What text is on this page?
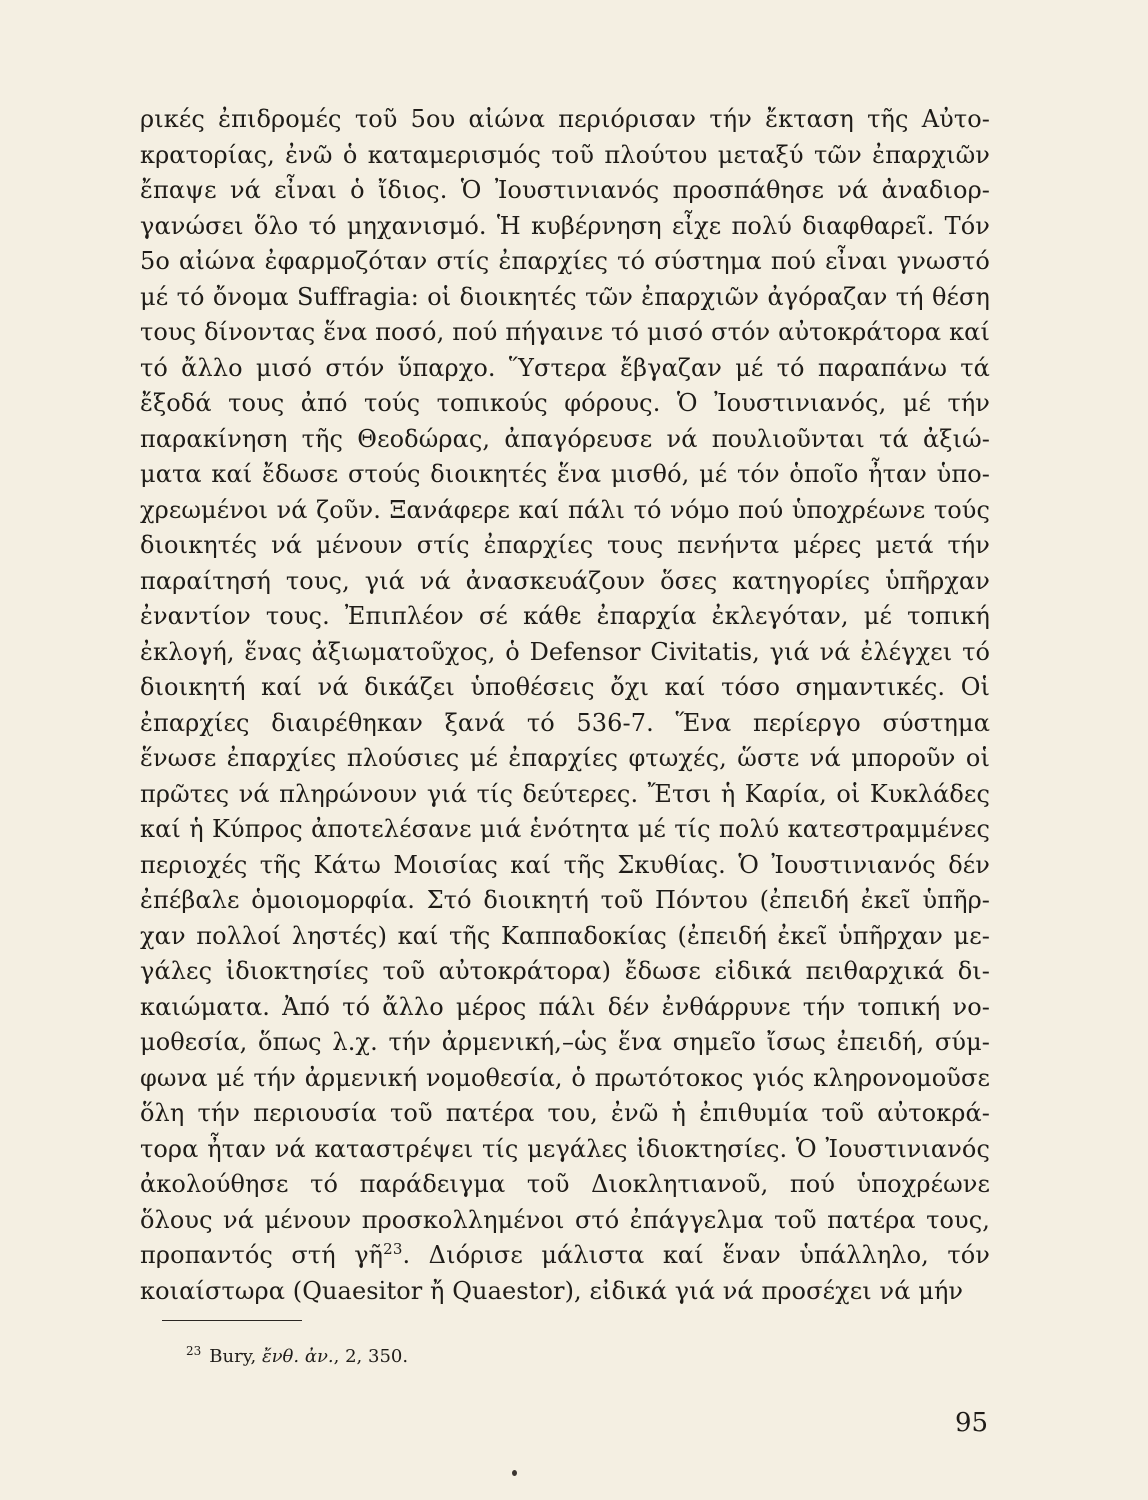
ρικές ἐπιδρομές τοῦ 5ου αἰώνα περιόρισαν τήν ἔκταση τῆς Αὐτο-
κρατορίας, ἐνῶ ὁ καταμερισμός τοῦ πλούτου μεταξύ τῶν ἐπαρχιῶν
ἔπαψε νά εἶναι ὁ ἴδιος. Ὁ Ἰουστινιανός προσπάθησε νά ἀναδιορ-
γανώσει ὅλο τό μηχανισμό. Ἡ κυβέρνηση εἶχε πολύ διαφθαρεῖ. Τόν
5ο αἰώνα ἐφαρμοζόταν στίς ἐπαρχίες τό σύστημα πού εἶναι γνωστό
μέ τό ὄνομα Suffragia: οἱ διοικητές τῶν ἐπαρχιῶν ἀγόραζαν τή θέση
τους δίνοντας ἕνα ποσό, πού πήγαινε τό μισό στόν αὐτοκράτορα καί
τό ἄλλο μισό στόν ὕπαρχο. Ὕστερα ἔβγαζαν μέ τό παραπάνω τά
ἔξοδά τους ἀπό τούς τοπικούς φόρους. Ὁ Ἰουστινιανός, μέ τήν
παρακίνηση τῆς Θεοδώρας, ἀπαγόρευσε νά πουλιοῦνται τά ἀξιώ-
ματα καί ἔδωσε στούς διοικητές ἕνα μισθό, μέ τόν ὁποῖο ἦταν ὑπο-
χρεωμένοι νά ζοῦν. Ξανάφερε καί πάλι τό νόμο πού ὑποχρέωνε τούς
διοικητές νά μένουν στίς ἐπαρχίες τους πενήντα μέρες μετά τήν
παραίτησή τους, γιά νά ἀνασκευάζουν ὅσες κατηγορίες ὑπῆρχαν
ἐναντίον τους. Ἐπιπλέον σέ κάθε ἐπαρχία ἐκλεγόταν, μέ τοπική
ἐκλογή, ἕνας ἀξιωματοῦχος, ὁ Defensor Civitatis, γιά νά ἐλέγχει τό
διοικητή καί νά δικάζει ὑποθέσεις ὄχι καί τόσο σημαντικές. Οἱ
ἐπαρχίες διαιρέθηκαν ξανά τό 536-7. Ἕνα περίεργο σύστημα
ἕνωσε ἐπαρχίες πλούσιες μέ ἐπαρχίες φτωχές, ὥστε νά μποροῦν οἱ
πρῶτες νά πληρώνουν γιά τίς δεύτερες. Ἔτσι ἡ Καρία, οἱ Κυκλάδες
καί ἡ Κύπρος ἀποτελέσανε μιά ἑνότητα μέ τίς πολύ κατεστραμμένες
περιοχές τῆς Κάτω Μοισίας καί τῆς Σκυθίας. Ὁ Ἰουστινιανός δέν
ἐπέβαλε ὁμοιομορφία. Στό διοικητή τοῦ Πόντου (ἐπειδή ἐκεῖ ὑπῆρ-
χαν πολλοί ληστές) καί τῆς Καππαδοκίας (ἐπειδή ἐκεῖ ὑπῆρχαν με-
γάλες ἰδιοκτησίες τοῦ αὐτοκράτορα) ἔδωσε εἰδικά πειθαρχικά δι-
καιώματα. Ἀπό τό ἄλλο μέρος πάλι δέν ἐνθάρρυνε τήν τοπική νο-
μοθεσία, ὅπως λ.χ. τήν ἀρμενική,–ὡς ἕνα σημεῖο ἴσως ἐπειδή, σύμ-
φωνα μέ τήν ἀρμενική νομοθεσία, ὁ πρωτότοκος γιός κληρονομοῦσε
ὅλη τήν περιουσία τοῦ πατέρα του, ἐνῶ ἡ ἐπιθυμία τοῦ αὐτοκρά-
τορα ἦταν νά καταστρέψει τίς μεγάλες ἰδιοκτησίες. Ὁ Ἰουστινιανός
ἀκολούθησε τό παράδειγμα τοῦ Διοκλητιανοῦ, πού ὑποχρέωνε
ὅλους νά μένουν προσκολλημένοι στό ἐπάγγελμα τοῦ πατέρα τους,
προπαντός στή γῆ$^{23}$. Διόρισε μάλιστα καί ἕναν ὑπάλληλο, τόν
κοιαίστωρα (Quaesitor ἤ Quaestor), εἰδικά γιά νά προσέχει νά μήν
$^{23}$ Bury, ἔνθ. ἀν., 2, 350.
95
